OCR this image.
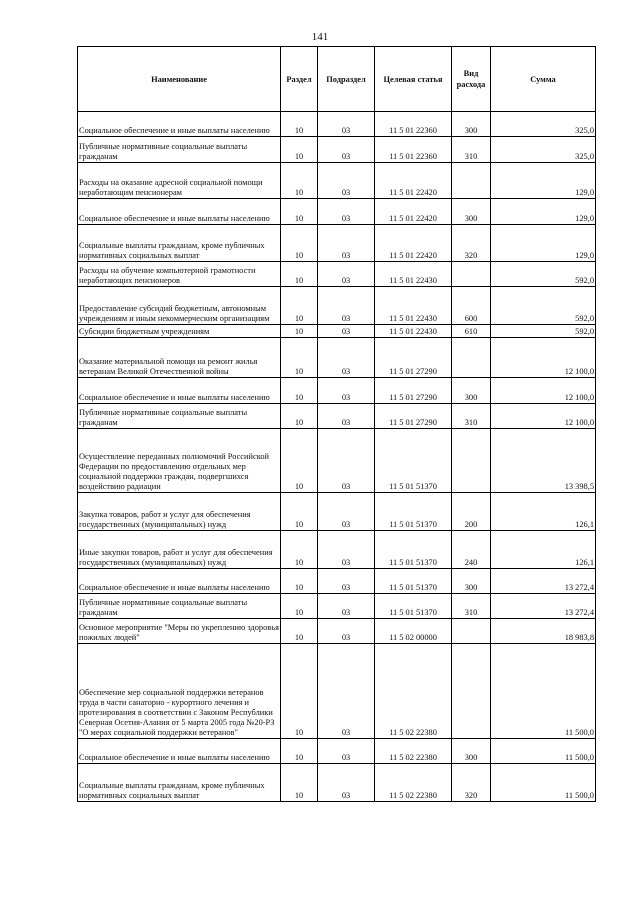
141
Наименование	Раздел	Подраздел	Целевая статья	Вид расхода	Сумма
Социальное обеспечение и иные выплаты населению	10	03	11 5 01 22360	300	325,0
Публичные нормативные социальные выплаты гражданам	10	03	11 5 01 22360	310	325,0
Расходы на оказание адресной социальной помощи неработающим пенсионерам	10	03	11 5 01 22420		129,0
Социальное обеспечение и иные выплаты населению	10	03	11 5 01 22420	300	129,0
Социальные выплаты гражданам, кроме публичных нормативных социальных выплат	10	03	11 5 01 22420	320	129,0
Расходы на обучение компьютерной грамотности неработающих пенсионеров	10	03	11 5 01 22430		592,0
Предоставление субсидий бюджетным, автономным учреждениям и иным некоммерческим организациям	10	03	11 5 01 22430	600	592,0
Субсидии бюджетным учреждениям	10	03	11 5 01 22430	610	592,0
Оказание материальной помощи на ремонт жилья ветеранам Великой Отечественной войны	10	03	11 5 01 27290		12 100,0
Социальное обеспечение и иные выплаты населению	10	03	11 5 01 27290	300	12 100,0
Публичные нормативные социальные выплаты гражданам	10	03	11 5 01 27290	310	12 100,0
Осуществление переданных полномочий Российской Федерации по предоставлению отдельных мер социальной поддержки граждан, подвергшихся воздействию радиации	10	03	11 5 01 51370		13 398,5
Закупка товаров, работ и услуг для обеспечения государственных (муниципальных) нужд	10	03	11 5 01 51370	200	126,1
Иные закупки товаров, работ и услуг для обеспечения государственных (муниципальных) нужд	10	03	11 5 01 51370	240	126,1
Социальное обеспечение и иные выплаты населению	10	03	11 5 01 51370	300	13 272,4
Публичные нормативные социальные выплаты гражданам	10	03	11 5 01 51370	310	13 272,4
Основное мероприятие "Меры по укреплению здоровья пожилых людей"	10	03	11 5 02 00000		18 983,8
Обеспечение мер социальной поддержки ветеранов труда в части санаторно - курортного лечения и протезирования в соответствии с Законом Республики Северная Осетия-Алания от 5 марта 2005 года №20-РЗ "О мерах социальной поддержки ветеранов"	10	03	11 5 02 22380		11 500,0
Социальное обеспечение и иные выплаты населению	10	03	11 5 02 22380	300	11 500,0
Социальные выплаты гражданам, кроме публичных нормативных социальных выплат	10	03	11 5 02 22380	320	11 500,0
